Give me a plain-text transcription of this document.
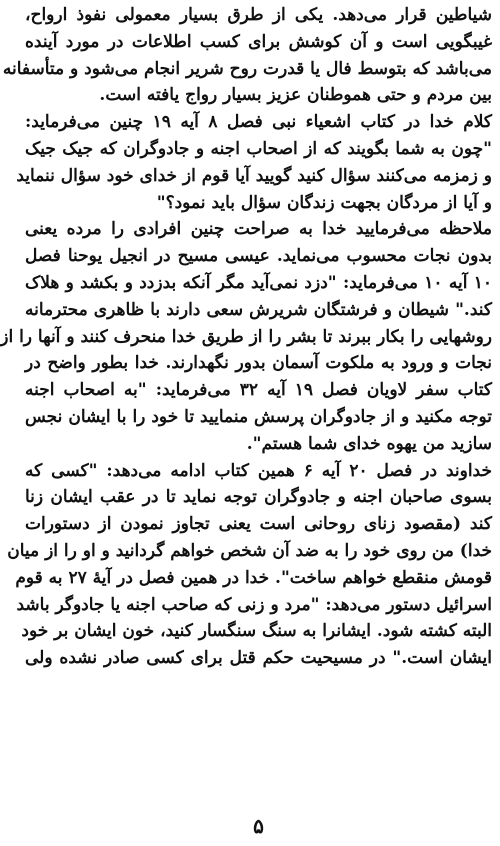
شیاطین قرار می‌دهد. یکی از طرق بسیار معمولی نفوذ ارواح،
غیبگویی است و آن کوشش برای کسب اطلاعات در مورد آینده
می‌باشد که بتوسط فال یا قدرت روح شریر انجام می‌شود و متأسفانه
بین مردم و حتی هموطنان عزیز بسیار رواج یافته است.
کلام خدا در کتاب اشعیاء نبی فصل ۸ آیه ۱۹ چنین می‌فرماید:
"چون به شما بگویند که از اصحاب اجنه و جادوگران که جیک جیک
و زمزمه می‌کنند سؤال کنید گویید آیا قوم از خدای خود سؤال ننماید
و آیا از مردگان بجهت زندگان سؤال باید نمود؟"
ملاحظه می‌فرمایید خدا به صراحت چنین افرادی را مرده یعنی
بدون نجات محسوب می‌نماید. عیسی مسیح در انجیل یوحنا فصل
۱۰ آیه ۱۰ می‌فرماید: "دزد نمی‌آید مگر آنکه بدزدد و بکشد و هلاک
کند." شیطان و فرشتگان شریرش سعی دارند با ظاهری محترمانه
روشهایی را بکار ببرند تا بشر را از طریق خدا منحرف کنند و آنها را از
نجات و ورود به ملکوت آسمان بدور نگهدارند. خدا بطور واضح در
کتاب سفر لاویان فصل ۱۹ آیه ۳۲ می‌فرماید: "به اصحاب اجنه
توجه مکنید و از جادوگران پرسش منمایید تا خود را با ایشان نجس
سازید من یهوه خدای شما هستم".
خداوند در فصل ۲۰ آیه ۶ همین کتاب ادامه می‌دهد: "کسی که
بسوی صاحبان اجنه و جادوگران توجه نماید تا در عقب ایشان زنا
کند (مقصود زنای روحانی است یعنی تجاوز نمودن از دستورات
خدا) من روی خود را به ضد آن شخص خواهم گردانید و او را از میان
قومش منقطع خواهم ساخت". خدا در همین فصل در آیهٔ ۲۷ به قوم
اسرائیل دستور می‌دهد: "مرد و زنی که صاحب اجنه یا جادوگر باشد
البته کشته شود. ایشانرا به سنگ سنگسار کنید، خون ایشان بر خود
ایشان است." در مسیحیت حکم قتل برای کسی صادر نشده ولی
۵
